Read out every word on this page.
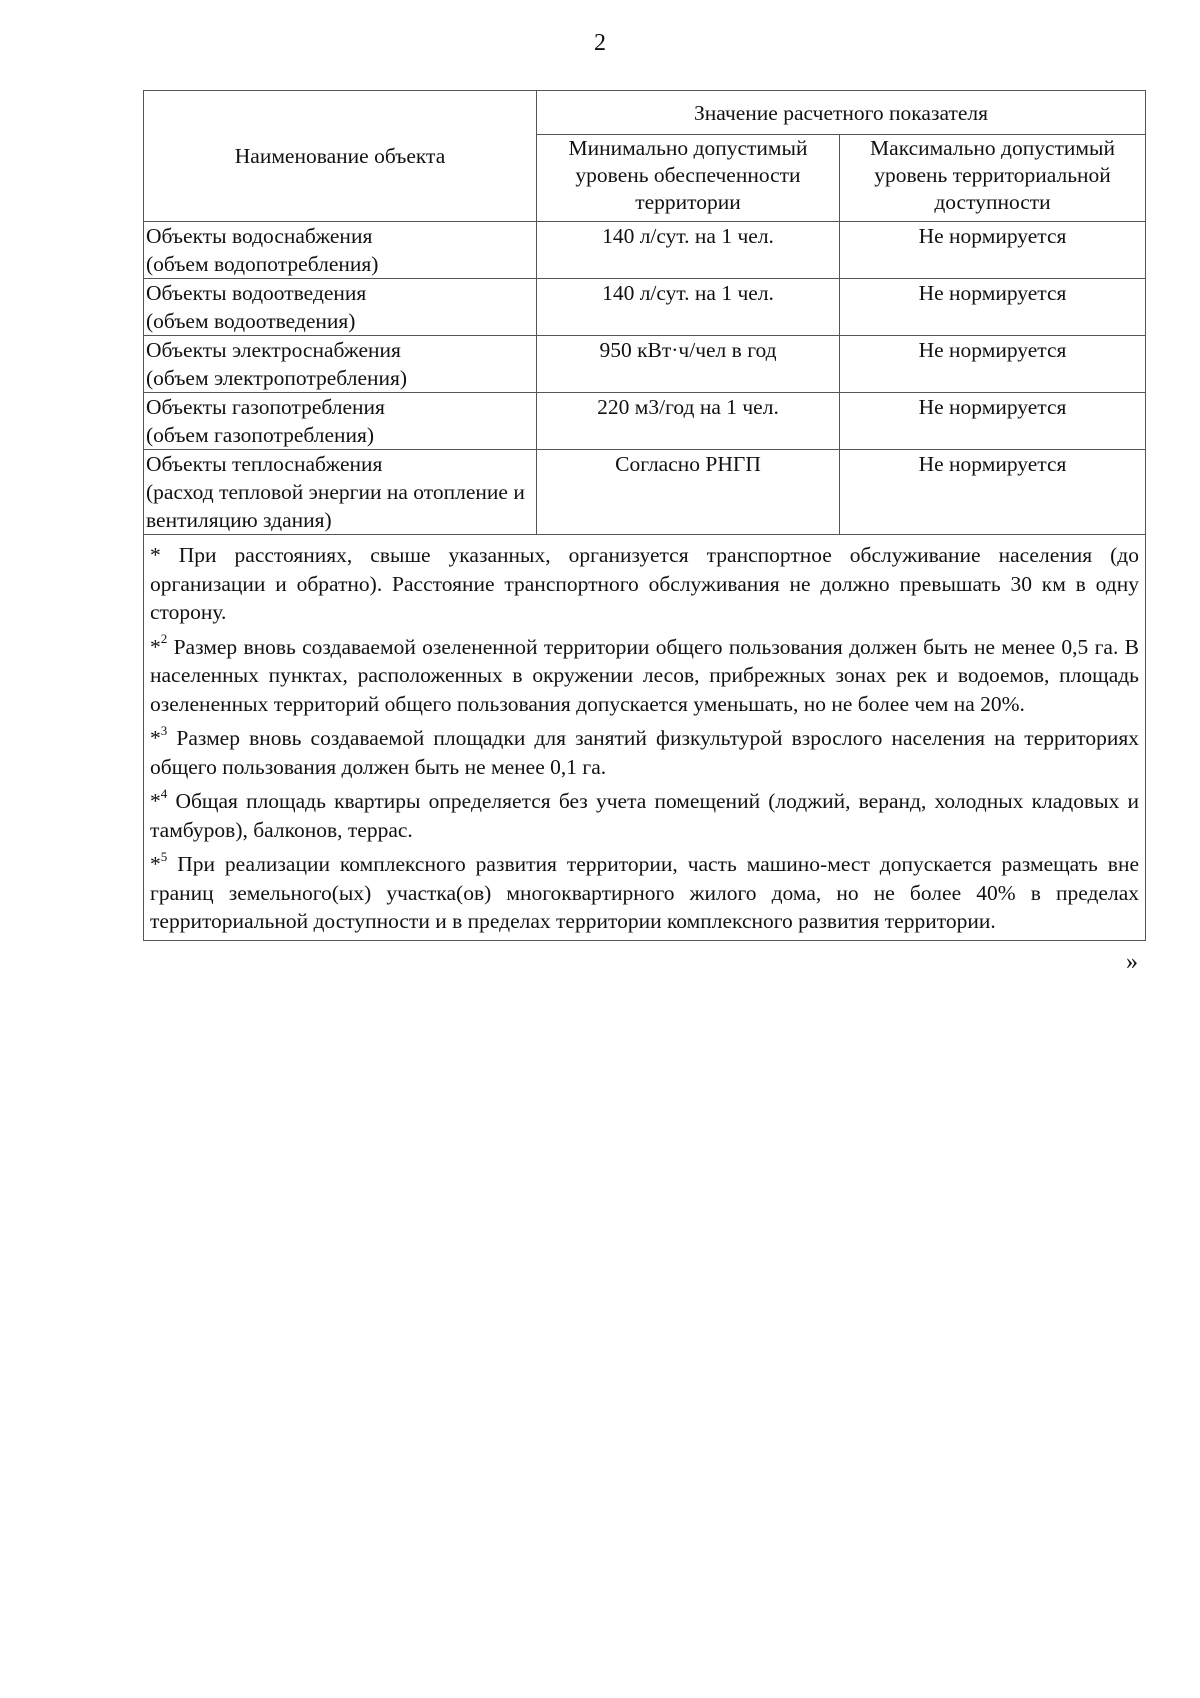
2
Наименование объекта	Значение расчетного показателя	
	Минимально допустимый уровень обеспеченности территории	Максимально допустимый уровень территориальной доступности

Объекты водоснабжения
(объем водопотребления)	140 л/сут. на 1 чел.	Не нормируется

Объекты водоотведения
(объем водоотведения)	140 л/сут. на 1 чел.	Не нормируется

Объекты электроснабжения
(объем электропотребления)	950 кВт·ч/чел в год	Не нормируется

Объекты газопотребления
(объем газопотребления)	220 м3/год на 1 чел.	Не нормируется

Объекты теплоснабжения
(расход тепловой энергии на отопление и вентиляцию здания)	Согласно РНГП	Не нормируется

* При расстояниях, свыше указанных, организуется транспортное обслуживание населения (до организации и обратно). Расстояние транспортного обслуживания не должно превышать 30 км в одну сторону.

*$^2$ Размер вновь создаваемой озелененной территории общего пользования должен быть не менее 0,5 га. В населенных пунктах, расположенных в окружении лесов, прибрежных зонах рек и водоемов, площадь озелененных территорий общего пользования допускается уменьшать, но не более чем на 20%.

*$^3$ Размер вновь создаваемой площадки для занятий физкультурой взрослого населения на территориях общего пользования должен быть не менее 0,1 га.

*$^4$ Общая площадь квартиры определяется без учета помещений (лоджий, веранд, холодных кладовых и тамбуров), балконов, террас.

*$^5$ При реализации комплексного развития территории, часть машино-мест допускается размещать вне границ земельного(ых) участка(ов) многоквартирного жилого дома, но не более 40% в пределах территориальной доступности и в пределах территории комплексного развития территории.		

»
